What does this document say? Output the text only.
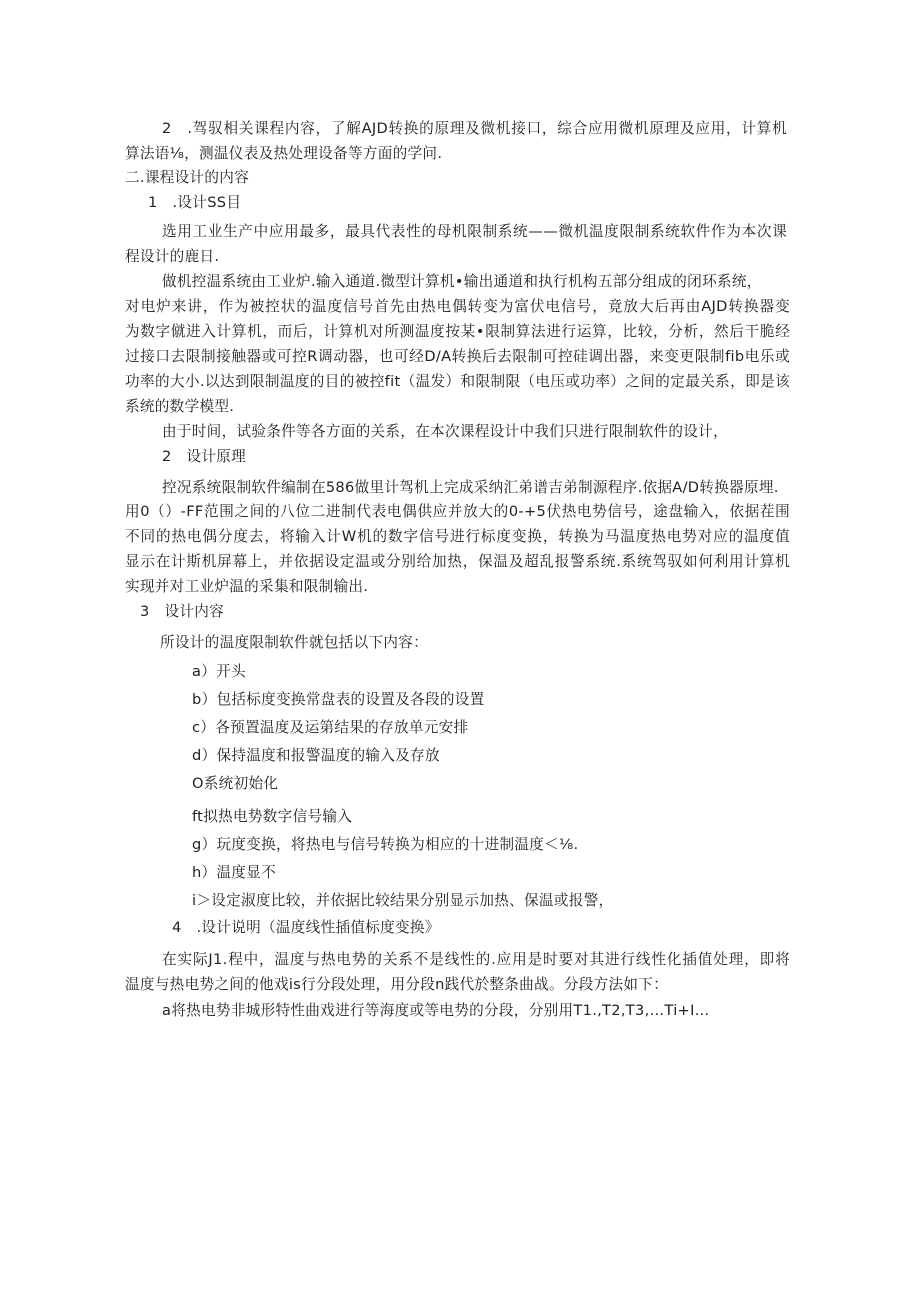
2　.驾驭相关课程内容，了解AJD转换的原理及微机接口，综合应用微机原理及应用，计算机

算法语⅛，测温仪表及热处理设备等方面的学问.

二.课程设计的内容

1　.设计SS目

选用工业生产中应用最多，最具代表性的母机限制系统——微机温度限制系统软件作为本次课

程设计的鹿日.

做机控温系统由工业炉.输入通道.微型计算机•输出通道和执行机构五部分组成的闭环系统，

对电炉来讲，作为被控状的温度信号首先由热电偶转变为富伏电信号，竟放大后再由AJD转换器变

为数字僦进入计算机，而后，计算机对所测温度按某•限制算法进行运算，比较，分析，然后干脆经

过接口去限制接触器或可控R调动器，也可经D/A转换后去限制可控硅调出器，来变更限制fib电乐或

功率的大小.以达到限制温度的目的被控fit（温发）和限制限（电压或功率）之间的定最关系，即是该

系统的数学模型.

由于时间，试验条件等各方面的关系，在本次课程设计中我们只进行限制软件的设计，

2　设计原理

控况系统限制软件编制在586做里计驾机上完成采纳汇弟谱吉弟制源程序.依据A/D转换器原埋.

用0（）-FF范围之间的八位二进制代表电偶供应并放大的0-+5伏热电势信号，途盘输入，依据茬围

不同的热电偶分度去，将输入计W机的数字信号进行标度变换，转换为马温度热电势对应的温度值

显示在计斯机屏幕上，并依据设定温或分别给加热，保温及超乱报警系统.系统驾驭如何利用计算机

实现并对工业炉温的采集和限制输出.

3　设计内容

所设计的温度限制软件就包括以下内容：

a）开头

b）包括标度变换常盘表的设置及各段的设置

c）各预置温度及运第结果的存放单元安排

d）保持温度和报警温度的输入及存放

O系统初始化

ft拟热电势数字信号输入

g）玩度变换，将热电与信号转换为相应的十进制温度＜⅛.

h）温度显不

i＞设定淑度比较，并依据比较结果分别显示加热、保温或报警，

4　.设计说明（温度线性插值标度变换》

在实际J1.程中，温度与热电势的关系不是线性的.应用是时要对其进行线性化插值处理，即将

温度与热电势之间的他戏is行分段处理，用分段n践代於整条曲战。分段方法如下：

a将热电势非城形特性曲戏进行等海度或等电势的分段，分别用T1.,T2,T3,…Ti+I…
